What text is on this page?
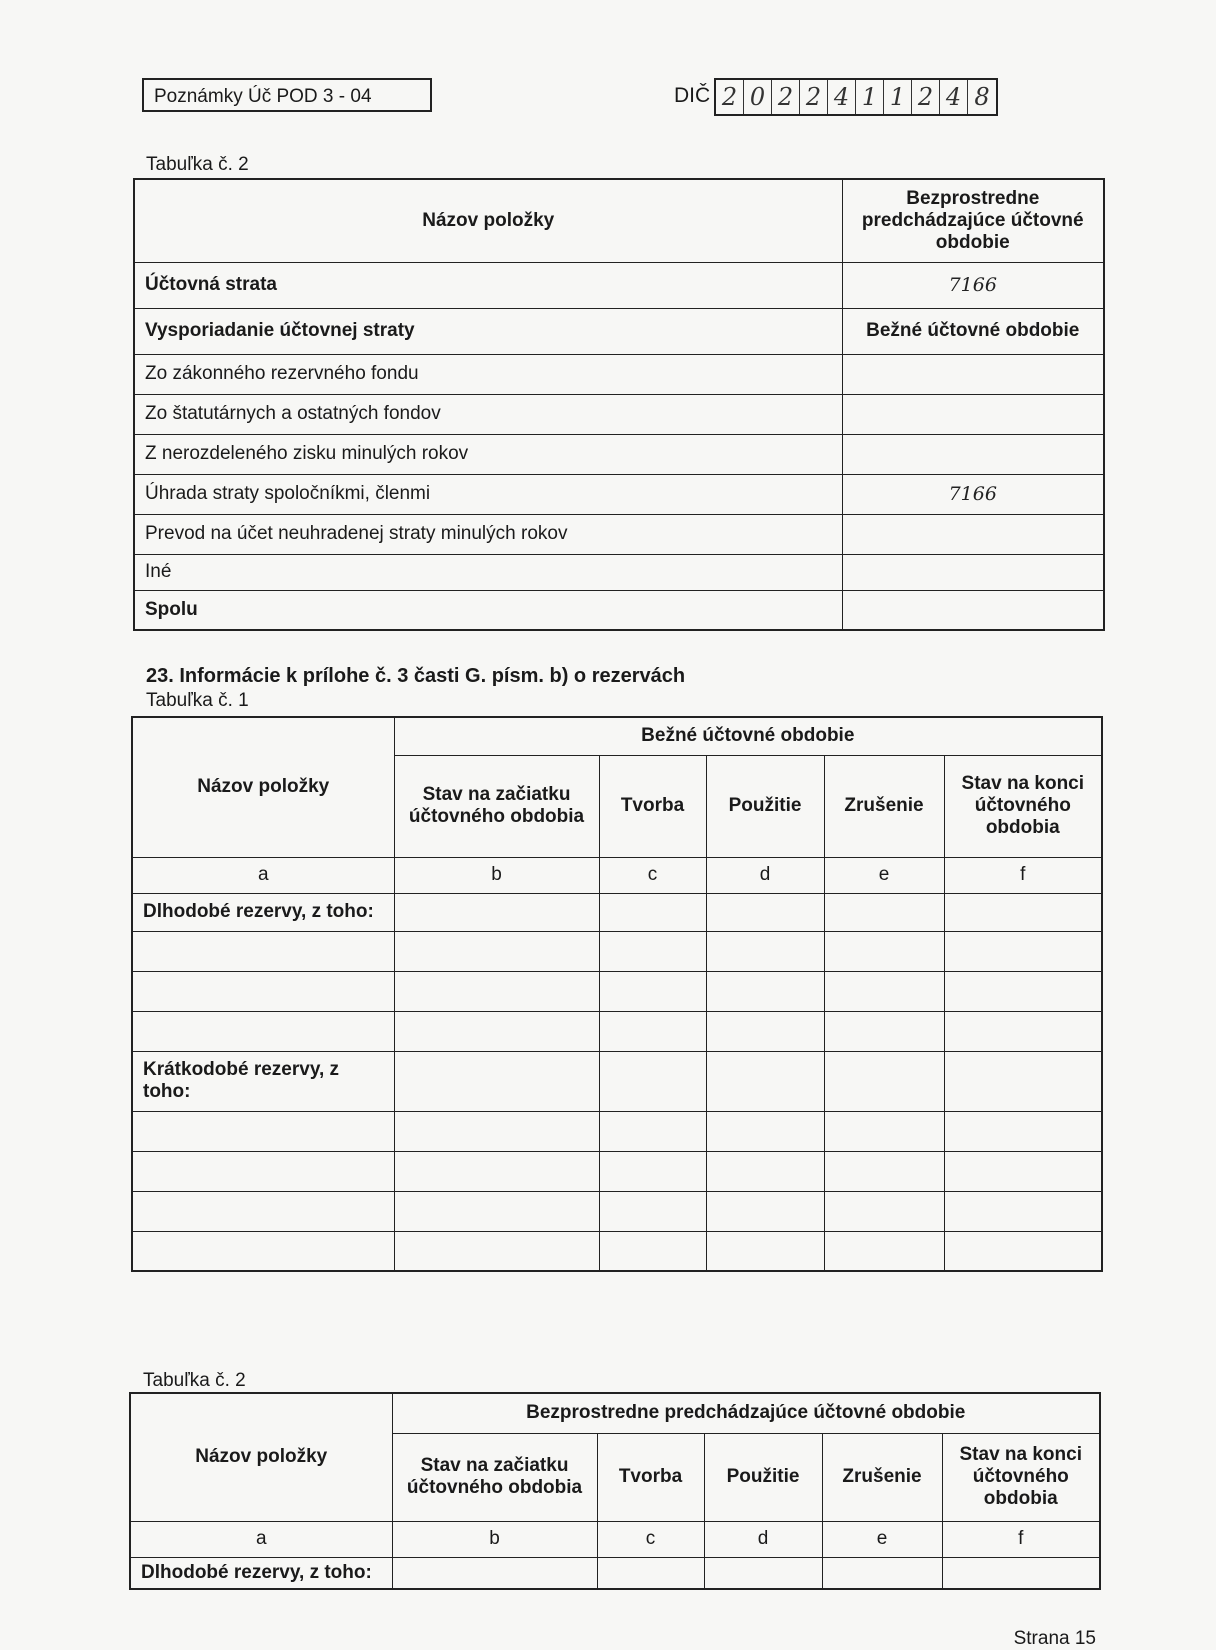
Poznámky Úč POD 3 - 04	DIČ 2 0 2 2 4 1 1 2 4 8
Tabuľka č. 2
Názov položky	Bezprostredne predchádzajúce účtovné obdobie
Účtovná strata	7166
Vysporiadanie účtovnej straty	Bežné účtovné obdobie
Zo zákonného rezervného fondu	
Zo štatutárnych a ostatných fondov	
Z nerozdeleného zisku minulých rokov	
Úhrada straty spoločníkmi, členmi	7166
Prevod na účet neuhradenej straty minulých rokov	
Iné	
Spolu	
23. Informácie k prílohe č. 3 časti G. písm. b) o rezervách
Tabuľka č. 1
Názov položky	Bežné účtovné obdobie				
	Stav na začiatku účtovného obdobia	Tvorba	Použitie	Zrušenie	Stav na konci účtovného obdobia
a	b	c	d	e	f
Dlhodobé rezervy, z toho:					

Krátkodobé rezervy, z toho:					

Tabuľka č. 2
Názov položky	Bezprostredne predchádzajúce účtovné obdobie				
	Stav na začiatku účtovného obdobia	Tvorba	Použitie	Zrušenie	Stav na konci účtovného obdobia
a	b	c	d	e	f
Dlhodobé rezervy, z toho:					
Strana 15
